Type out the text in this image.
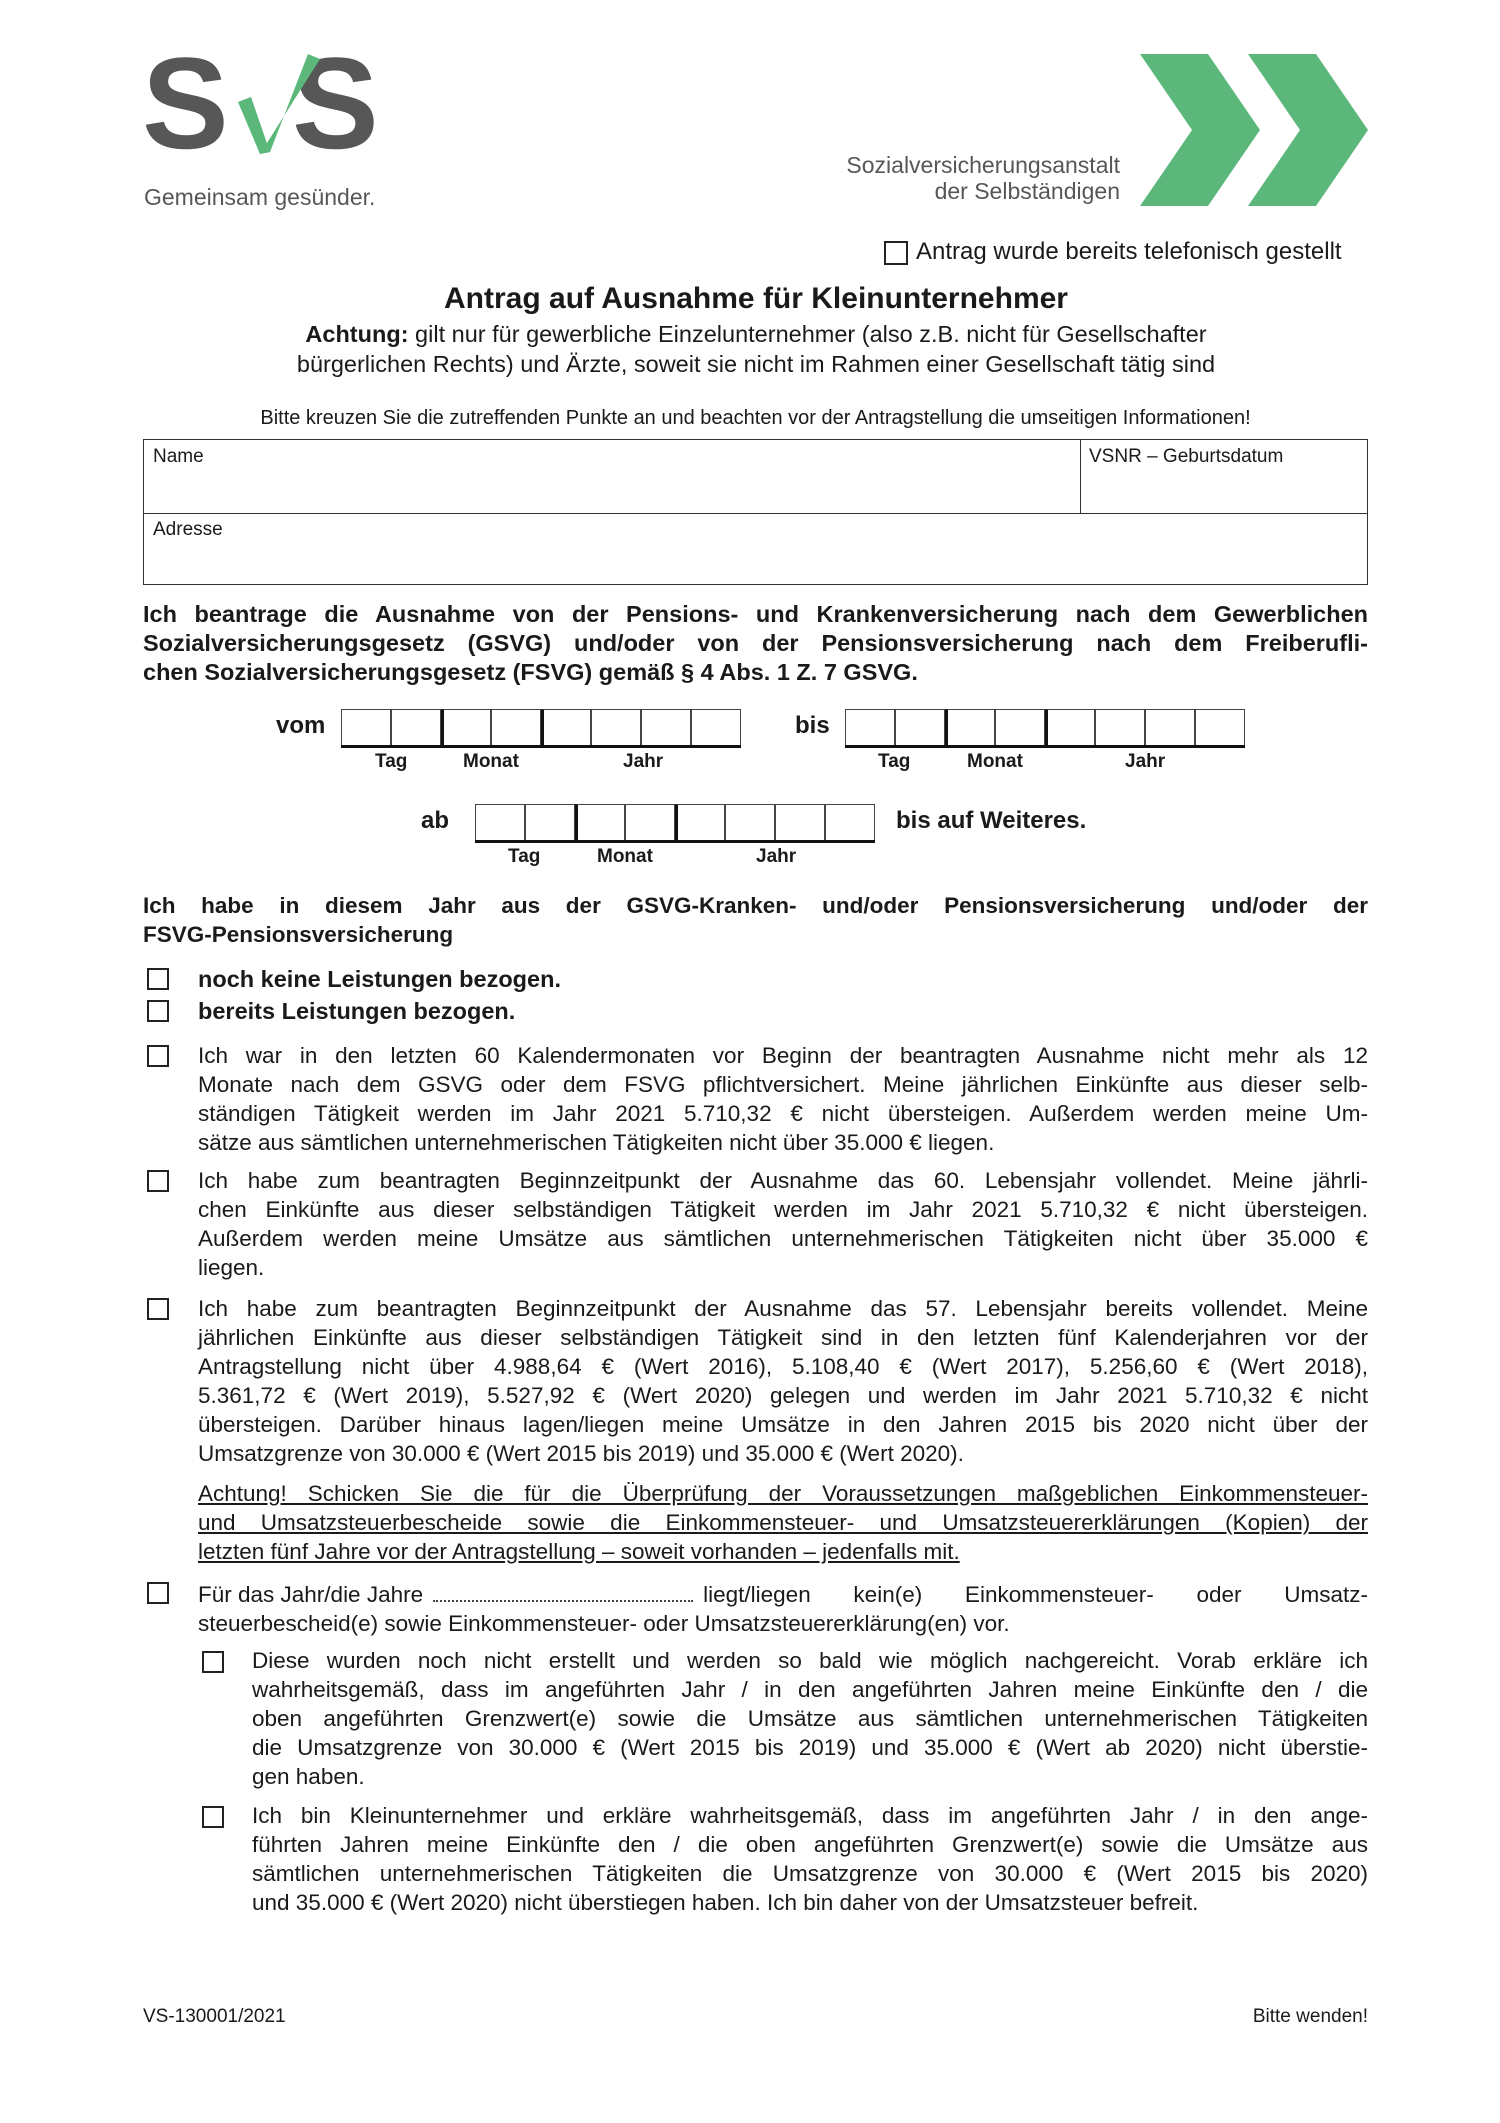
S S
Gemeinsam gesünder.
Sozialversicherungsanstalt
der Selbständigen
Antrag wurde bereits telefonisch gestellt
Antrag auf Ausnahme für Kleinunternehmer
Achtung: gilt nur für gewerbliche Einzelunternehmer (also z.B. nicht für Gesellschafter
bürgerlichen Rechts) und Ärzte, soweit sie nicht im Rahmen einer Gesellschaft tätig sind
Bitte kreuzen Sie die zutreffenden Punkte an und beachten vor der Antragstellung die umseitigen Informationen!
Name	VSNR – Geburtsdatum
Adresse
Ich beantrage die Ausnahme von der Pensions- und Krankenversicherung nach dem Gewerblichen
Sozialversicherungsgesetz (GSVG) und/oder von der Pensionsversicherung nach dem Freiberufli-
chen Sozialversicherungsgesetz (FSVG) gemäß § 4 Abs. 1 Z. 7 GSVG.
vom
Tag	Monat	Jahr
bis
Tag	Monat	Jahr
ab	bis auf Weiteres.
Tag	Monat	Jahr
Ich habe in diesem Jahr aus der GSVG-Kranken- und/oder Pensionsversicherung und/oder der
FSVG-Pensionsversicherung
noch keine Leistungen bezogen.
bereits Leistungen bezogen.
Ich war in den letzten 60 Kalendermonaten vor Beginn der beantragten Ausnahme nicht mehr als 12
Monate nach dem GSVG oder dem FSVG pflichtversichert. Meine jährlichen Einkünfte aus dieser selb-
ständigen Tätigkeit werden im Jahr 2021 5.710,32 € nicht übersteigen. Außerdem werden meine Um-
sätze aus sämtlichen unternehmerischen Tätigkeiten nicht über 35.000 € liegen.
Ich habe zum beantragten Beginnzeitpunkt der Ausnahme das 60. Lebensjahr vollendet. Meine jährli-
chen Einkünfte aus dieser selbständigen Tätigkeit werden im Jahr 2021 5.710,32 € nicht übersteigen.
Außerdem werden meine Umsätze aus sämtlichen unternehmerischen Tätigkeiten nicht über 35.000 €
liegen.
Ich habe zum beantragten Beginnzeitpunkt der Ausnahme das 57. Lebensjahr bereits vollendet. Meine
jährlichen Einkünfte aus dieser selbständigen Tätigkeit sind in den letzten fünf Kalenderjahren vor der
Antragstellung nicht über 4.988,64 € (Wert 2016), 5.108,40 € (Wert 2017), 5.256,60 € (Wert 2018),
5.361,72 € (Wert 2019), 5.527,92 € (Wert 2020) gelegen und werden im Jahr 2021 5.710,32 € nicht
übersteigen. Darüber hinaus lagen/liegen meine Umsätze in den Jahren 2015 bis 2020 nicht über der
Umsatzgrenze von 30.000 € (Wert 2015 bis 2019) und 35.000 € (Wert 2020).
Achtung! Schicken Sie die für die Überprüfung der Voraussetzungen maßgeblichen Einkommensteuer-
und Umsatzsteuerbescheide sowie die Einkommensteuer- und Umsatzsteuererklärungen (Kopien) der
letzten fünf Jahre vor der Antragstellung – soweit vorhanden – jedenfalls mit.
Für das Jahr/die Jahre	liegt/liegen kein(e) Einkommensteuer- oder Umsatz-
steuerbescheid(e) sowie Einkommensteuer- oder Umsatzsteuererklärung(en) vor.
Diese wurden noch nicht erstellt und werden so bald wie möglich nachgereicht. Vorab erkläre ich
wahrheitsgemäß, dass im angeführten Jahr / in den angeführten Jahren meine Einkünfte den / die
oben angeführten Grenzwert(e) sowie die Umsätze aus sämtlichen unternehmerischen Tätigkeiten
die Umsatzgrenze von 30.000 € (Wert 2015 bis 2019) und 35.000 € (Wert ab 2020) nicht überstie-
gen haben.
Ich bin Kleinunternehmer und erkläre wahrheitsgemäß, dass im angeführten Jahr / in den ange-
führten Jahren meine Einkünfte den / die oben angeführten Grenzwert(e) sowie die Umsätze aus
sämtlichen unternehmerischen Tätigkeiten die Umsatzgrenze von 30.000 € (Wert 2015 bis 2020)
und 35.000 € (Wert 2020) nicht überstiegen haben. Ich bin daher von der Umsatzsteuer befreit.
VS-130001/2021	Bitte wenden!
